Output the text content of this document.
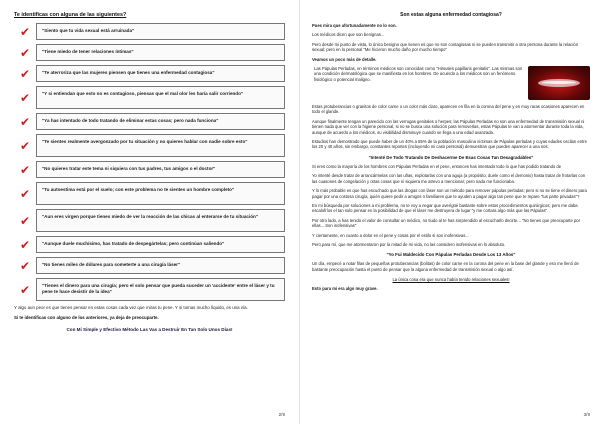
Te identificas con alguna de las siguientes?
✔	"Siento que tu vida sexual está arruinada"
✔	"Tiene miedo de tener relaciones íntimas"
✔	"Te aterroriza que las mujeres piensen que tienes una enfermedad contagiosa"
✔	"Y si entiendan que esto no es contagioso, piensas que el mal olor les haría salir corriendo"
✔	"Ya has intentado de todo tratando de eliminar estas cosas; pero nada funciona"
✔	"Te sientes realmente avergonzado por tu situación y no quieres hablar con nadie sobre esto"
✔	"No quieres tratar este tema ni siquiera con tus padres, tus amigos o el doctor"
✔	"Tu autoestima está por el suelo; con este problema no te sientes un hombre completo"
✔	"Aun eres virgen porque tienes miedo de ver la reacción de las chicas al enterarse de tu situación"
✔	"Aunque duele muchísimo, has tratado de despegártelas; pero continúan saliendo"
✔	"No tienes miles de dólares para someterte a una cirugía láser"
✔	"Tienes el dinero para una cirugía; pero el solo pensar que pueda suceder un 'accidente' entre el láser y tu pene te hace desistir de la idea"

Y algo aun peor es que tienes pensar en estas cosas cada vez que miras tu pene. Y si tomas mucho líquido, es una vía.

Si te identificas con alguno de los anteriores, ya deja de preocuparte.

Con Mi Simple y Efectivo Método Las Vas a Destruir En Tan Solo Unos Días!
2/9
Son estas alguna enfermedad contagiosa?

Pues mira que afortunadamente no lo son.

Los médicos dicen que son benignas...

Pero desde mi punto de vista, lo único benigno que tienen es que no son contagiosas ni se pueden transmitir a otra persona durante la relación sexual; pero en lo personal "Me hicieron mucho daño por mucho tiempo"

Veamos un poco más de detalle.

Las Pápulas Perladas, en términos médicos son conocidas como "Hirsuties papillaris genitalis". Las mismas son una condición dermatológica que se manifiesta en los hombres. De acuerdo a los médicos son un fenómeno fisiológico o potencial maligno.

Estas protuberancias o granitos de color carne o un color más claro, aparecen en fila en la corona del pene y en muy raras ocasiones aparecen en todo el glande.

Aunque finalmente tengan un parecido con las verrugas genitales o herpes; las Pápulas Perladas no son una enfermedad de transmisión sexual ni tienen nada que ver con la higiene personal, si no se busca una solución para removerlas, estas Pápulas te van a atormentar durante toda la vida, aunque de acuerdo a los médicos, su visibilidad disminuye cuando se llega a una edad avanzada.

Estudios han demostrado que puede haber de un 40% a 85% de la población masculina víctimas de Pápulas perladas y cuyas edades oscilan entre los 20 y 40 años, sin embargo, constantes reportes (incluyendo mi caso personal) demuestran que pueden aparecer a una nos.

"Intenté De Todo Tratando De Deshacerme De Esas Cosas Tan Desagradables"

Si eres como la mayoría de los hombres con Pápulas Perladas en el pene, entonces has intentado todo lo que has podido tratando de

Yo intenté desde tratar de arrancármelas con las uñas, explotarlas con una aguja (a propósito, duele como el demonio) hasta tratar de frotarlas con las cuasones de congelación y otras cosas que ni siquiera me atrevo a mencionar; pero nada me funcionaba.

Y lo más probable es que has escuchado que las drogas con láser son un método para remover pápulas perladas; pero si no se tiene el dinero para pagar por una costosa cirugía, quién quiere pedir a amigos o familiares que te ayuden a pagar algo tan pene que te repare "tus parte privadas"?

En mi búsqueda por soluciones a mi problema, no te voy a negar que averigüé bastante sobre estos procedimientos quirúrgicos; pero me daba escalofríos el tan solo pensar en la posibilidad de que el láser me destruyera de lugar "y me cortara algo más que las Pápulas".

Por otro lado, a has tenido el valor de consultar un médico, no tiudo al te has sorprendido al escucharlo decirte... "No tienes que preocuparte por ellas... Son inofensivas"

Y ciertamente, en cuanto a dolor en el pene y cosas por el estilo si son inofensivas...

Pero para mí, que me atormentaron por la mitad de mi vida, no las considero inofensivas en lo absoluto.

"Yo Fui Maldecido Con Pápulas Perladas Desde Los 13 Años"

Un día, empecé a notar filas de pequeñas protuberancias (bolitas) de color carne en la corona del pene en la base del glande y eso me llenó de bastante preocupación hasta el punto de pensar que la alguna enfermedad de transmisión sexual o algo así.

La única cosa era que nunca había tenido relaciones sexuales!

Esto para mí era algo muy grave.

3/9
